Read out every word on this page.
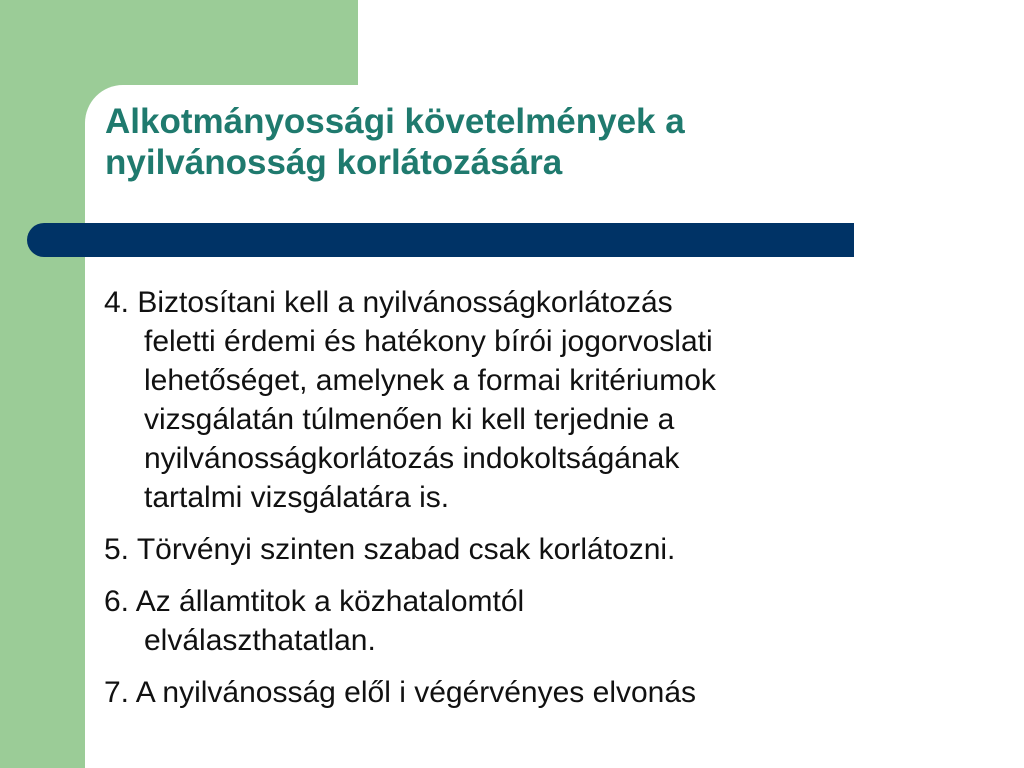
Alkotmányossági követelmények a
nyilvánosság korlátozására
4. Biztosítani kell a nyilvánosságkorlátozás
feletti érdemi és hatékony bírói jogorvoslati
lehetőséget, amelynek a formai kritériumok
vizsgálatán túlmenően ki kell terjednie a
nyilvánosságkorlátozás indokoltságának
tartalmi vizsgálatára is.
5. Törvényi szinten szabad csak korlátozni.
6. Az államtitok a közhatalomtól
elválaszthatatlan.
7. A nyilvánosság elől i végérvényes elvonás
